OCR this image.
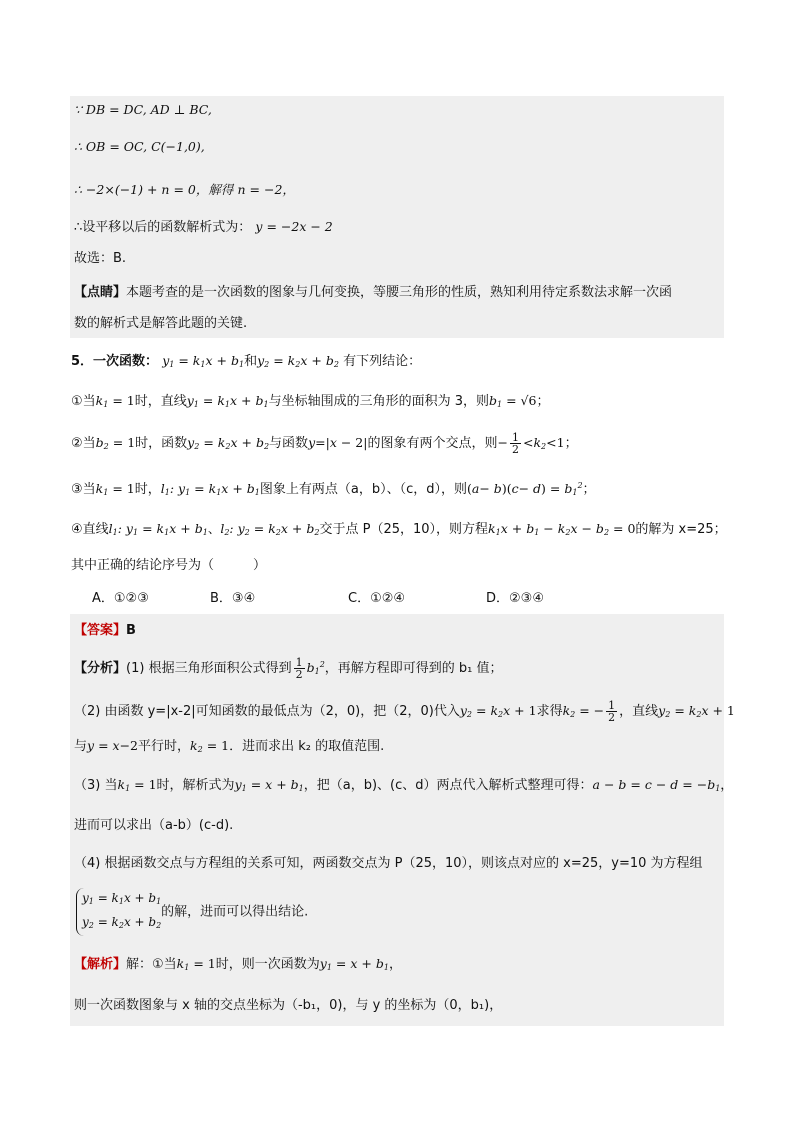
∵ DB = DC, AD ⊥ BC,
∴ OB = OC, C(−1,0),
∴ −2×(−1) + n = 0，解得 n = −2，
∴设平移以后的函数解析式为： y = −2x − 2
故选：B.
【点睛】本题考查的是一次函数的图象与几何变换，等腰三角形的性质，熟知利用待定系数法求解一次函
数的解析式是解答此题的关键.
5．一次函数： $y_1 = k_1x + b_1$和$y_2 = k_2x + b_2$ 有下列结论：
①当$k_1 = 1$时，直线$y_1 = k_1x + b_1$与坐标轴围成的三角形的面积为 3，则$b_1 = √6$；
②当$b_2 = 1$时，函数$y_2 = k_2x + b_2$与函数y=|x − 2|的图象有两个交点，则− $\frac{1}{2} <k_2<1$；
③当$k_1 = 1$时，$l_1$: $y_1 = k_1x + b_1$图象上有两点（a，b）、（c，d），则$(a- b)(c- d) = b_1^2$；
④直线$l_1$: $y_1 = k_1x + b_1$、$l_2$: $y_2 = k_2x + b_2$交于点 P（25，10），则方程$k_1x + b_1 - k_2x - b_2 = 0$的解为 x=25；
其中正确的结论序号为（　　　）
A．①②③	B．③④	C．①②④	D．②③④
【答案】B
【分析】(1) 根据三角形面积公式得到 $\frac{1}{2} b_1^2$，再解方程即可得到的 b₁ 值；
（2) 由函数 y=|x-2|可知函数的最低点为（2，0)，把（2，0)代入$y_2 = k_2x + 1$求得$k_2$ = − $\frac{1}{2}$ ，直线$y_2 = k_2x + 1$
与y = x−2平行时，$k_2 = 1$．进而求出 k₂ 的取值范围.
（3) 当$k_1 = 1$时，解析式为$y_1 = x + b_1$，把（a，b)、(c、d）两点代入解析式整理可得：$a - b = c - d = -b_1$，
进而可以求出（a-b）(c-d).
（4) 根据函数交点与方程组的关系可知，两函数交点为 P（25，10），则该点对应的 x=25，y=10 为方程组
$y_1 = k_1x + b_1$
$y_2 = k_2x + b_2$的解，进而可以得出结论.
【解析】解：①当$k_1 = 1$时，则一次函数为$y_1 = x + b_1$，
则一次函数图象与 x 轴的交点坐标为（-b₁，0)，与 y 的坐标为（0，b₁)，
